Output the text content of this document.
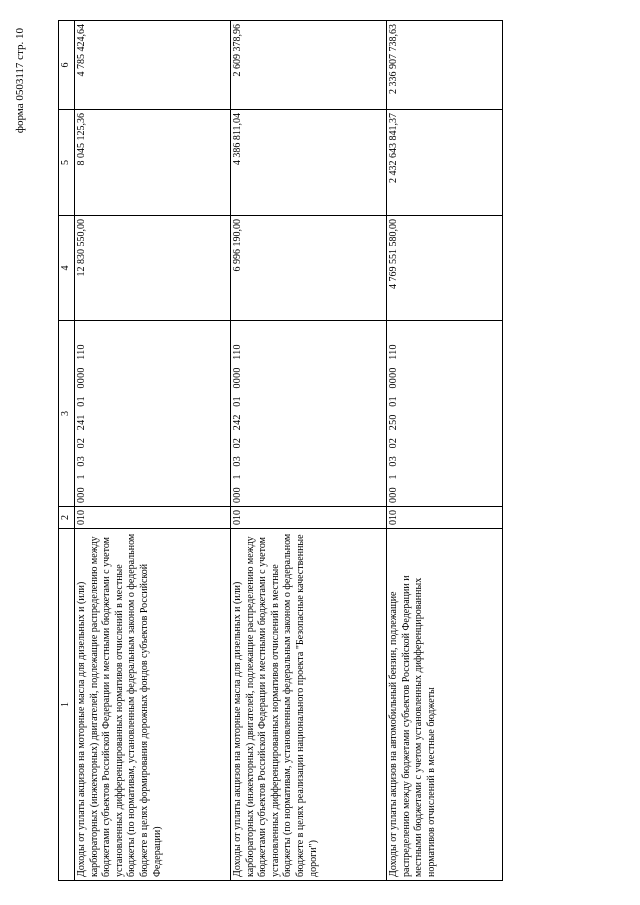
форма 0503117 стр. 10
1	2	3	4	5	6
Доходы от уплаты акцизов на моторные масла для дизельных и (или) карбюраторных (инжекторных) двигателей, подлежащие распределению между бюджетами субъектов Российской Федерации и местными бюджетами с учетом установленных дифференцированных нормативов отчислений в местные бюджеты (по нормативам, установленным федеральным законом о федеральном бюджете в целях формирования дорожных фондов субъектов Российской Федерации)	010	000  1  03  02  241  01  0000  110	12 830 550,00	8 045 125,36	4 785 424,64
Доходы от уплаты акцизов на моторные масла для дизельных и (или) карбюраторных (инжекторных) двигателей, подлежащие распределению между бюджетами субъектов Российской Федерации и местными бюджетами с учетом установленных дифференцированных нормативов отчислений в местные бюджеты (по нормативам, установленным федеральным законом о федеральном бюджете в целях реализации национального проекта "Безопасные качественные дороги")	010	000  1  03  02  242  01  0000  110	6 996 190,00	4 386 811,04	2 609 378,96
Доходы от уплаты акцизов на автомобильный бензин, подлежащие распределению между бюджетами субъектов Российской Федерации и местными бюджетами с учетом установленных дифференцированных нормативов отчислений в местные бюджеты	010	000  1  03  02  250  01  0000  110	4 769 551 580,00	2 432 643 841,37	2 336 907 738,63
